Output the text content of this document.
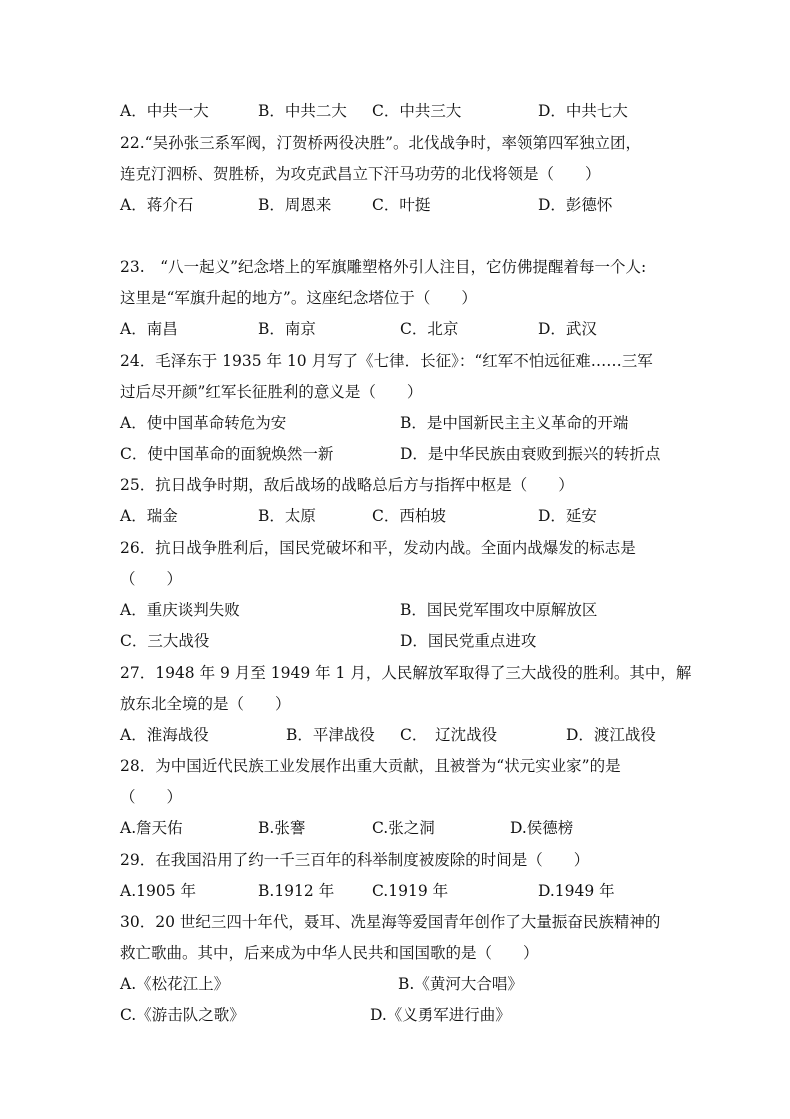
A．中共一大	B．中共二大 C．中共三大	D．中共七大
22.“吴孙张三系军阀，汀贺桥两役决胜”。北伐战争时，率领第四军独立团，
连克汀泗桥、贺胜桥，为攻克武昌立下汗马功劳的北伐将领是（　　）
A．蒋介石	B．周恩来	C．叶挺	D．彭德怀
23.　“八一起义”纪念塔上的军旗雕塑格外引人注目，它仿佛提醒着每一个人:
这里是“军旗升起的地方”。这座纪念塔位于（　　）
A．南昌	B．南京	C．北京	D．武汉
24．毛泽东于 1935 年 10 月写了《七律．长征》：“红军不怕远征难……三军
过后尽开颜”红军长征胜利的意义是（　　）
A．使中国革命转危为安	B．是中国新民主主义革命的开端
C．使中国革命的面貌焕然一新	D．是中华民族由衰败到振兴的转折点
25．抗日战争时期，敌后战场的战略总后方与指挥中枢是（　　）
A．瑞金	B．太原	C．西柏坡	D．延安
26．抗日战争胜利后，国民党破坏和平，发动内战。全面内战爆发的标志是
（　　）
A．重庆谈判失败	B．国民党军围攻中原解放区
C．三大战役	D．国民党重点进攻
27．1948 年 9 月至 1949 年 1 月，人民解放军取得了三大战役的胜利。其中，解
放东北全境的是（　　）
A．淮海战役	B．平津战役 C．　辽沈战役	D．渡江战役
28．为中国近代民族工业发展作出重大贡献，且被誉为“状元实业家”的是
（　　）
A.詹天佑	B.张謇	C.张之洞	D.侯德榜
29．在我国沿用了约一千三百年的科举制度被废除的时间是（　　）
A.1905 年	B.1912 年 C.1919 年	D.1949 年
30．20 世纪三四十年代，聂耳、冼星海等爱国青年创作了大量振奋民族精神的
救亡歌曲。其中，后来成为中华人民共和国国歌的是（　　）
A.《松花江上》	B.《黄河大合唱》
C.《游击队之歌》	D.《义勇军进行曲》
